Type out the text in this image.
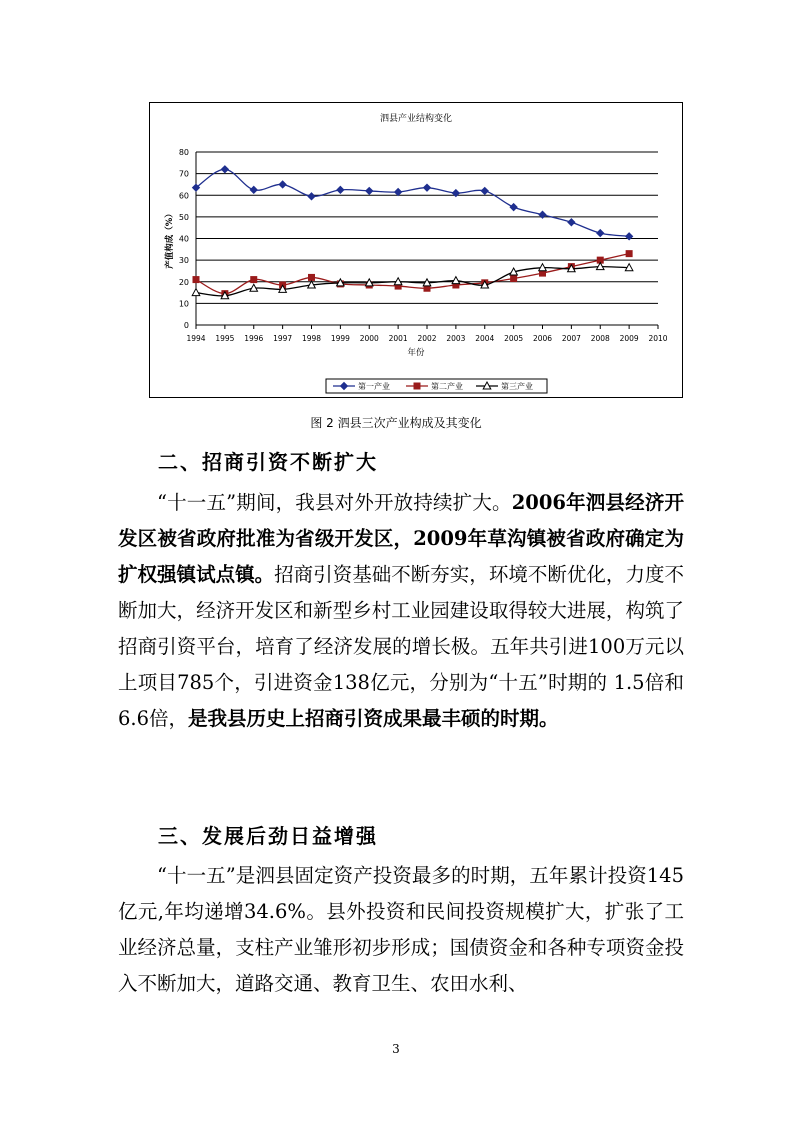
泗县产业结构变化
0
10
20
30
40
50
60
70
80
1994 1995 1996 1997 1998 1999 2000 2001 2002 2003 2004 2005 2006 2007 2008 2009 2010
年份
产值构成（%）
第一产业	第二产业	第三产业
图 2 泗县三次产业构成及其变化
二、招商引资不断扩大
“十一五”期间，我县对外开放持续扩大。2006年泗县经济开发区被省政府批准为省级开发区，2009年草沟镇被省政府确定为扩权强镇试点镇。招商引资基础不断夯实，环境不断优化，力度不断加大，经济开发区和新型乡村工业园建设取得较大进展，构筑了招商引资平台，培育了经济发展的增长极。五年共引进100万元以上项目785个，引进资金138亿元，分别为“十五”时期的 1.5倍和6.6倍，是我县历史上招商引资成果最丰硕的时期。
三、发展后劲日益增强
“十一五”是泗县固定资产投资最多的时期，五年累计投资145亿元,年均递增34.6%。县外投资和民间投资规模扩大，扩张了工业经济总量，支柱产业雏形初步形成；国债资金和各种专项资金投入不断加大，道路交通、教育卫生、农田水利、
3
